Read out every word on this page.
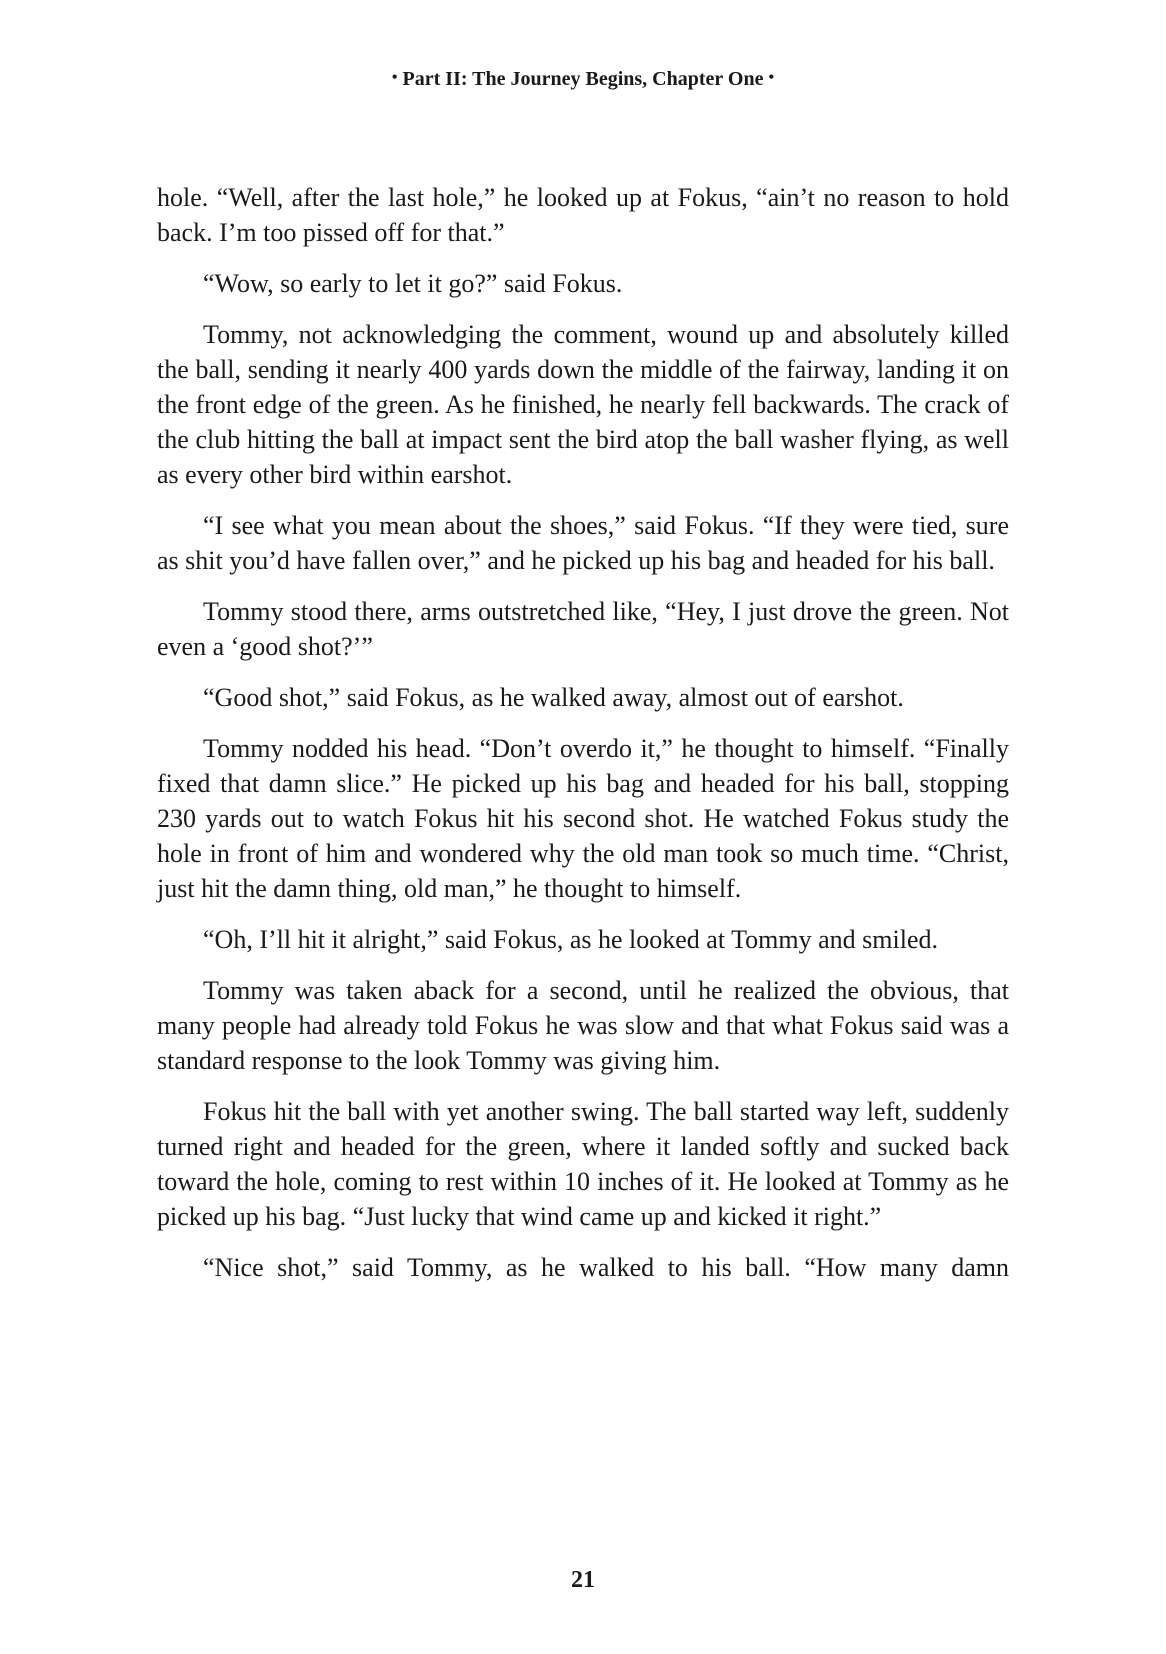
• Part II: The Journey Begins, Chapter One •

hole. “Well, after the last hole,” he looked up at Fokus, “ain’t no reason to hold back. I’m too pissed off for that.”

“Wow, so early to let it go?” said Fokus.

Tommy, not acknowledging the comment, wound up and absolutely killed the ball, sending it nearly 400 yards down the middle of the fairway, landing it on the front edge of the green. As he finished, he nearly fell backwards. The crack of the club hitting the ball at impact sent the bird atop the ball washer flying, as well as every other bird within earshot.

“I see what you mean about the shoes,” said Fokus. “If they were tied, sure as shit you’d have fallen over,” and he picked up his bag and headed for his ball.

Tommy stood there, arms outstretched like, “Hey, I just drove the green. Not even a ‘good shot?’”

“Good shot,” said Fokus, as he walked away, almost out of earshot.

Tommy nodded his head. “Don’t overdo it,” he thought to himself. “Finally fixed that damn slice.” He picked up his bag and headed for his ball, stopping 230 yards out to watch Fokus hit his second shot. He watched Fokus study the hole in front of him and wondered why the old man took so much time. “Christ, just hit the damn thing, old man,” he thought to himself.

“Oh, I’ll hit it alright,” said Fokus, as he looked at Tommy and smiled.

Tommy was taken aback for a second, until he realized the obvious, that many people had already told Fokus he was slow and that what Fokus said was a standard response to the look Tommy was giving him.

Fokus hit the ball with yet another swing. The ball started way left, suddenly turned right and headed for the green, where it landed softly and sucked back toward the hole, coming to rest within 10 inches of it. He looked at Tommy as he picked up his bag. “Just lucky that wind came up and kicked it right.”

“Nice shot,” said Tommy, as he walked to his ball. “How many damn

21
